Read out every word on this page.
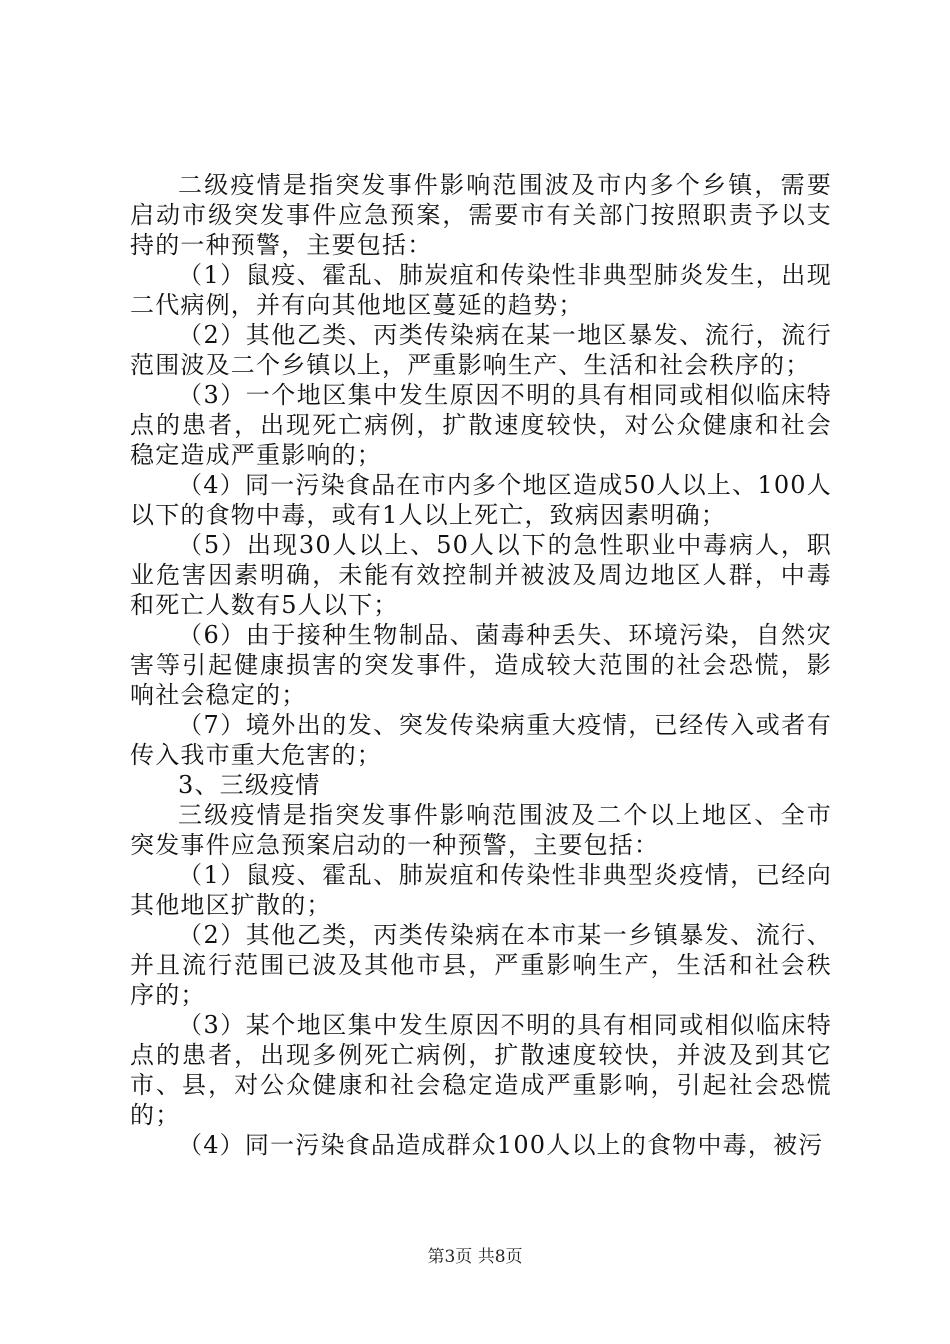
二级疫情是指突发事件影响范围波及市内多个乡镇，需要启动市级突发事件应急预案，需要市有关部门按照职责予以支持的一种预警，主要包括：

（1）鼠疫、霍乱、肺炭疽和传染性非典型肺炎发生，出现二代病例，并有向其他地区蔓延的趋势；

（2）其他乙类、丙类传染病在某一地区暴发、流行，流行范围波及二个乡镇以上，严重影响生产、生活和社会秩序的；

（3）一个地区集中发生原因不明的具有相同或相似临床特点的患者，出现死亡病例，扩散速度较快，对公众健康和社会稳定造成严重影响的；

（4）同一污染食品在市内多个地区造成50人以上、100人以下的食物中毒，或有1人以上死亡，致病因素明确；

（5）出现30人以上、50人以下的急性职业中毒病人，职业危害因素明确，未能有效控制并被波及周边地区人群，中毒和死亡人数有5人以下；

（6）由于接种生物制品、菌毒种丢失、环境污染，自然灾害等引起健康损害的突发事件，造成较大范围的社会恐慌，影响社会稳定的；

（7）境外出的发、突发传染病重大疫情，已经传入或者有传入我市重大危害的；

3、三级疫情

三级疫情是指突发事件影响范围波及二个以上地区、全市突发事件应急预案启动的一种预警，主要包括：

（1）鼠疫、霍乱、肺炭疽和传染性非典型炎疫情，已经向其他地区扩散的；

（2）其他乙类，丙类传染病在本市某一乡镇暴发、流行、并且流行范围已波及其他市县，严重影响生产，生活和社会秩序的；

（3）某个地区集中发生原因不明的具有相同或相似临床特点的患者，出现多例死亡病例，扩散速度较快，并波及到其它市、县，对公众健康和社会稳定造成严重影响，引起社会恐慌的；

（4）同一污染食品造成群众100人以上的食物中毒，被污

第3页 共8页
